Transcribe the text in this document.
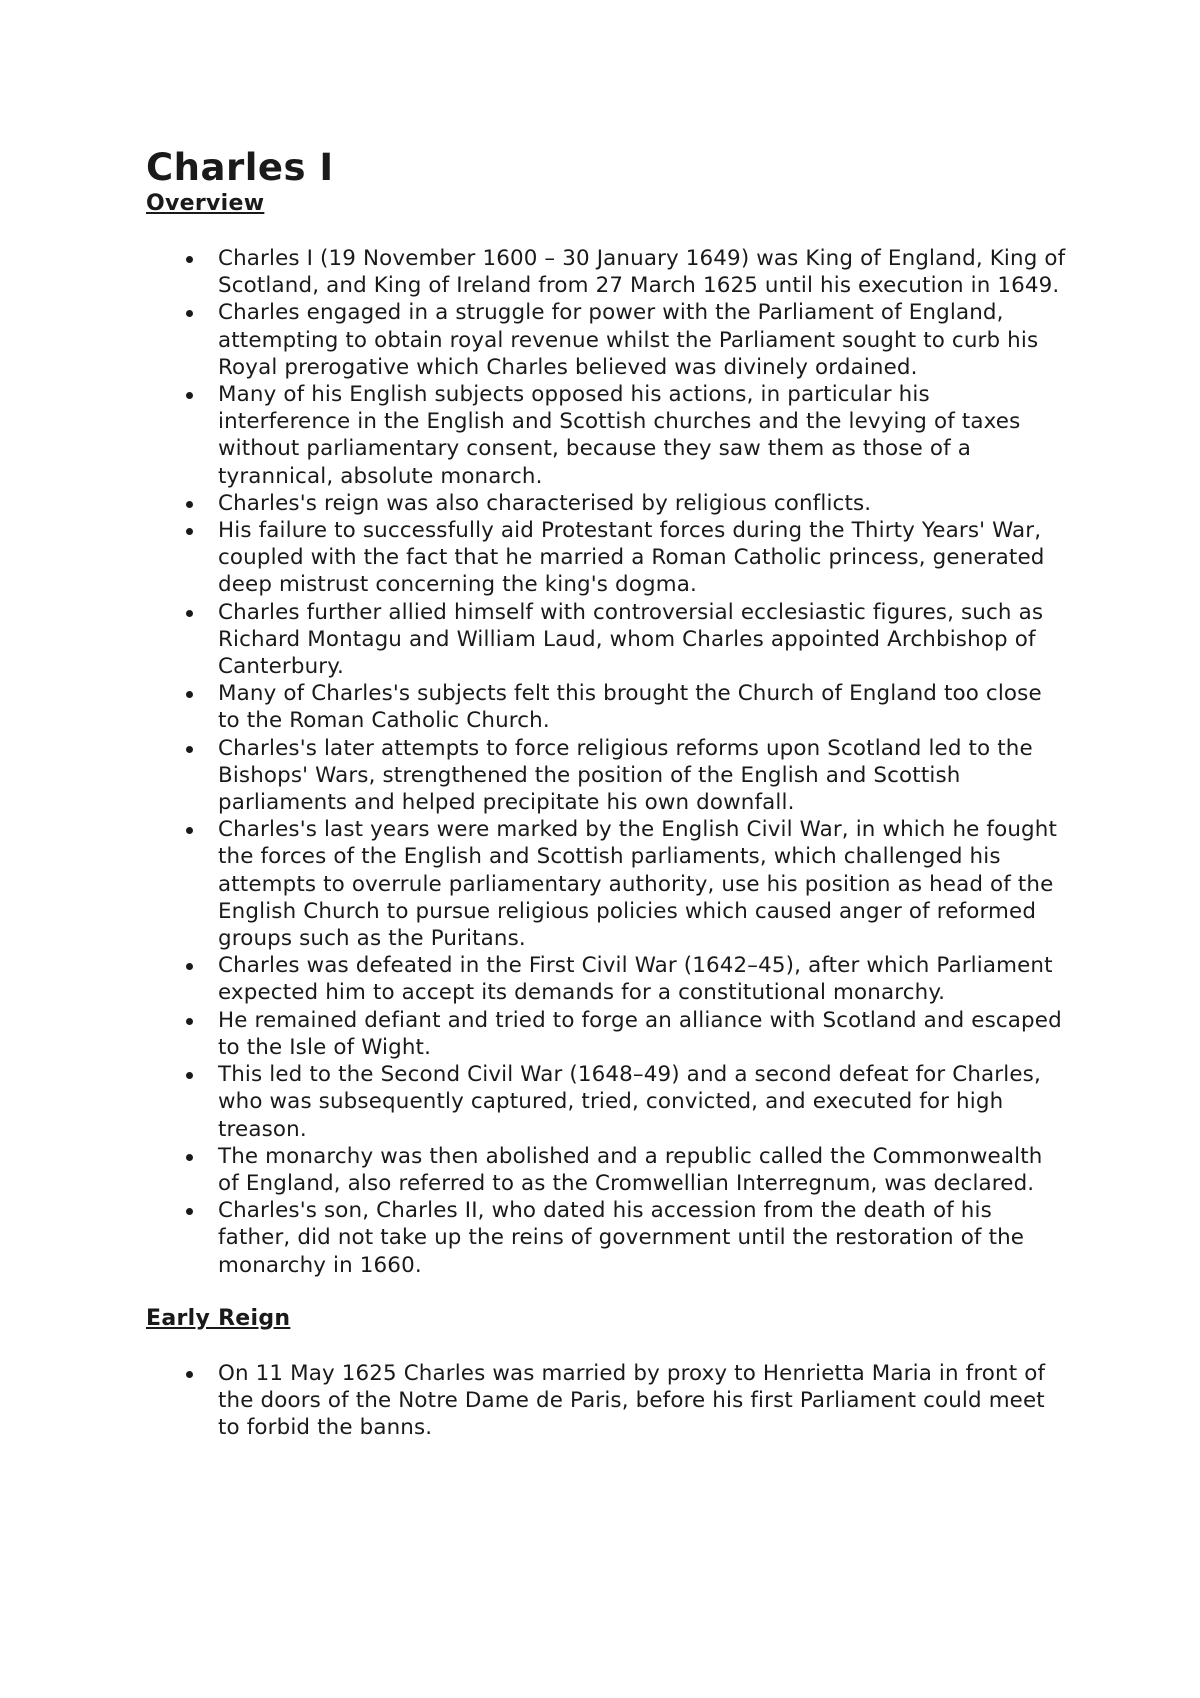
Charles I
Overview
Charles I (19 November 1600 – 30 January 1649) was King of England, King of Scotland, and King of Ireland from 27 March 1625 until his execution in 1649.
Charles engaged in a struggle for power with the Parliament of England, attempting to obtain royal revenue whilst the Parliament sought to curb his Royal prerogative which Charles believed was divinely ordained.
Many of his English subjects opposed his actions, in particular his interference in the English and Scottish churches and the levying of taxes without parliamentary consent, because they saw them as those of a tyrannical, absolute monarch.
Charles's reign was also characterised by religious conflicts.
His failure to successfully aid Protestant forces during the Thirty Years' War, coupled with the fact that he married a Roman Catholic princess, generated deep mistrust concerning the king's dogma.
Charles further allied himself with controversial ecclesiastic figures, such as Richard Montagu and William Laud, whom Charles appointed Archbishop of Canterbury.
Many of Charles's subjects felt this brought the Church of England too close to the Roman Catholic Church.
Charles's later attempts to force religious reforms upon Scotland led to the Bishops' Wars, strengthened the position of the English and Scottish parliaments and helped precipitate his own downfall.
Charles's last years were marked by the English Civil War, in which he fought the forces of the English and Scottish parliaments, which challenged his attempts to overrule parliamentary authority, use his position as head of the English Church to pursue religious policies which caused anger of reformed groups such as the Puritans.
Charles was defeated in the First Civil War (1642–45), after which Parliament expected him to accept its demands for a constitutional monarchy.
He remained defiant and tried to forge an alliance with Scotland and escaped to the Isle of Wight.
This led to the Second Civil War (1648–49) and a second defeat for Charles, who was subsequently captured, tried, convicted, and executed for high treason.
The monarchy was then abolished and a republic called the Commonwealth of England, also referred to as the Cromwellian Interregnum, was declared.
Charles's son, Charles II, who dated his accession from the death of his father, did not take up the reins of government until the restoration of the monarchy in 1660.
Early Reign
On 11 May 1625 Charles was married by proxy to Henrietta Maria in front of the doors of the Notre Dame de Paris, before his first Parliament could meet to forbid the banns.
